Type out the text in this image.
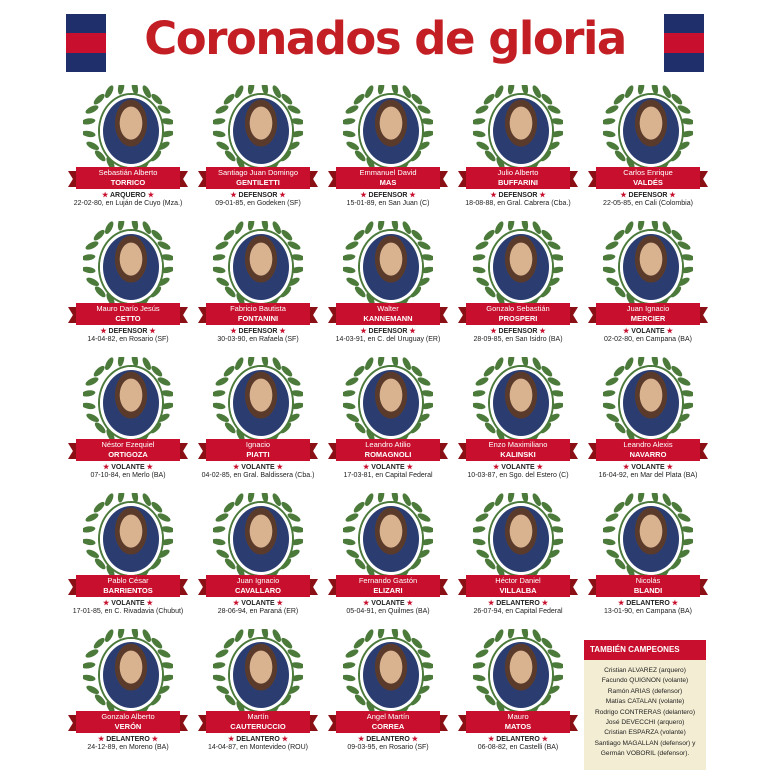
Coronados de gloria
Sebastián Alberto
TORRICO
★ ARQUERO ★
22-02-80, en Luján de Cuyo (Mza.)
Santiago Juan Domingo
GENTILETTI
★ DEFENSOR ★
09-01-85, en Godeken (SF)
Emmanuel David
MAS
★ DEFENSOR ★
15-01-89, en San Juan (C)
Julio Alberto
BUFFARINI
★ DEFENSOR ★
18-08-88, en Gral. Cabrera (Cba.)
Carlos Enrique
VALDÉS
★ DEFENSOR ★
22-05-85, en Cali (Colombia)
Mauro Darío Jesús
CETTO
★ DEFENSOR ★
14-04-82, en Rosario (SF)
Fabricio Bautista
FONTANINI
★ DEFENSOR ★
30-03-90, en Rafaela (SF)
Walter
KANNEMANN
★ DEFENSOR ★
14-03-91, en C. del Uruguay (ER)
Gonzalo Sebastián
PROSPERI
★ DEFENSOR ★
28-09-85, en San Isidro (BA)
Juan Ignacio
MERCIER
★ VOLANTE ★
02-02-80, en Campana (BA)
Néstor Ezequiel
ORTIGOZA
★ VOLANTE ★
07-10-84, en Merlo (BA)
Ignacio
PIATTI
★ VOLANTE ★
04-02-85, en Gral. Baldissera (Cba.)
Leandro Atilio
ROMAGNOLI
★ VOLANTE ★
17-03-81, en Capital Federal
Enzo Maximiliano
KALINSKI
★ VOLANTE ★
10-03-87, en Sgo. del Estero (C)
Leandro Alexis
NAVARRO
★ VOLANTE ★
16-04-92, en Mar del Plata (BA)
Pablo César
BARRIENTOS
★ VOLANTE ★
17-01-85, en C. Rivadavia (Chubut)
Juan Ignacio
CAVALLARO
★ VOLANTE ★
28-06-94, en Paraná (ER)
Fernando Gastón
ELIZARI
★ VOLANTE ★
05-04-91, en Quilmes (BA)
Héctor Daniel
VILLALBA
★ DELANTERO ★
26-07-94, en Capital Federal
Nicolás
BLANDI
★ DELANTERO ★
13-01-90, en Campana (BA)
Gonzalo Alberto
VERÓN
★ DELANTERO ★
24-12-89, en Moreno (BA)
Martín
CAUTERUCCIO
★ DELANTERO ★
14-04-87, en Montevideo (ROU)
Angel Martín
CORREA
★ DELANTERO ★
09-03-95, en Rosario (SF)
Mauro
MATOS
★ DELANTERO ★
06-08-82, en Castelli (BA)
TAMBIÉN CAMPEONES
Cristian ALVAREZ (arquero)
Facundo QUIGNON (volante)
Ramón ARIAS (defensor)
Matías CATALAN (volante)
Rodrigo CONTRERAS (delantero)
José DEVECCHI (arquero)
Cristian ESPARZA (volante)
Santiago MAGALLAN (defensor) y
Germán VOBORIL (defensor).
